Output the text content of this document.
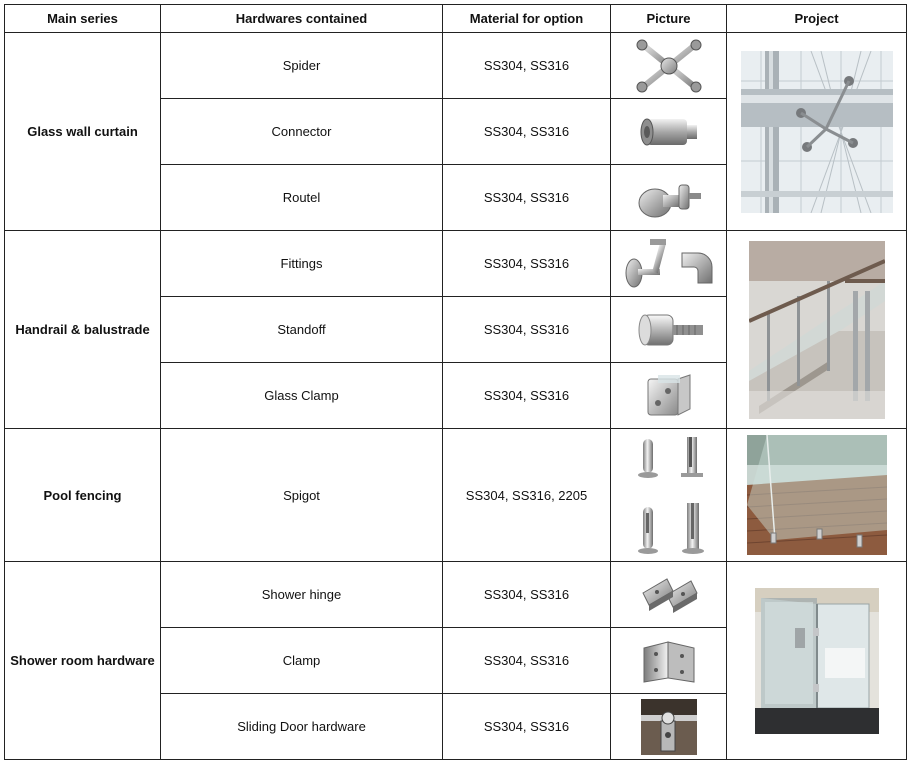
Main series	Hardwares contained	Material for option	Picture	Project
Glass wall curtain	Spider	SS304, SS316	

	Connector	SS304, SS316	

	Routel	SS304, SS316	

Handrail & balustrade	Fittings	SS304, SS316	

	Standoff	SS304, SS316	

	Glass Clamp	SS304, SS316	

Pool fencing	Spigot	SS304, SS316, 2205	

Shower room hardware	Shower hinge	SS304, SS316	

	Clamp	SS304, SS316	

	Sliding Door hardware	SS304, SS316	
